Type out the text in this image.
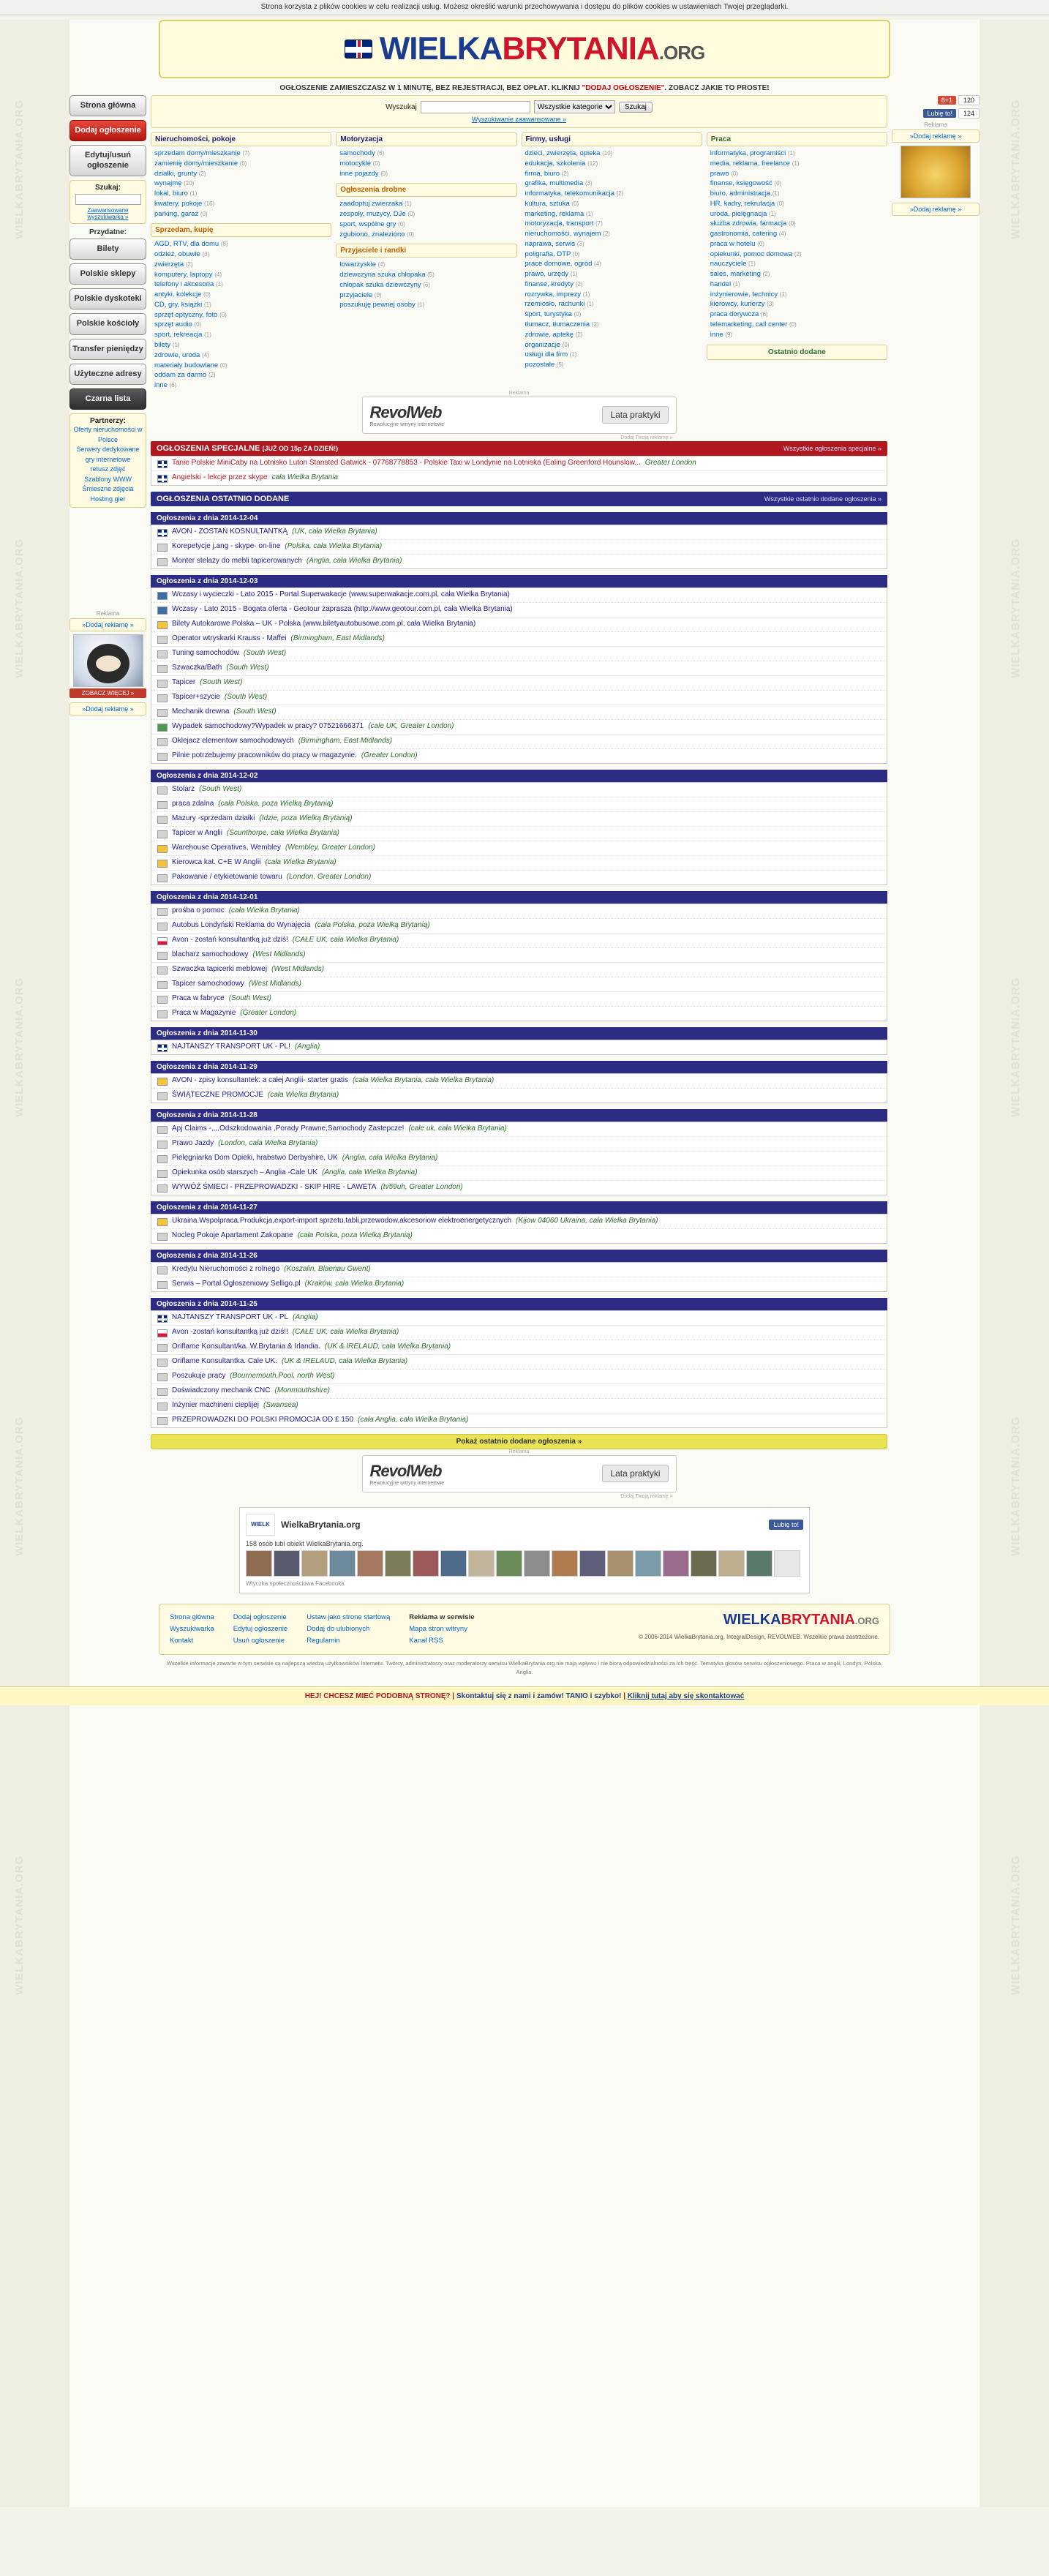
Strona korzysta z plików cookies w celu realizacji usług. Możesz określić warunki przechowywania i dostępu do plików cookies w ustawieniach Twojej przeglądarki.
WIELKABRYTANIA.ORG
WIELKABRYTANIA.ORG
WIELKABRYTANIA.ORG
WIELKABRYTANIA.ORG
WIELKABRYTANIA.ORG
WIELKABRYTANIA.ORG
WIELKABRYTANIA.ORG
WIELKABRYTANIA.ORG
WIELKABRYTANIA.ORG
WIELKABRYTANIA.ORG
WIELKABRYTANIA.ORG
OGŁOSZENIE ZAMIESZCZASZ W 1 MINUTĘ, BEZ REJESTRACJI, BEZ OPŁAT. KLIKNIJ "DODAJ OGŁOSZENIE". ZOBACZ JAKIE TO PROSTE!
Strona główna
Dodaj ogłoszenie
Edytuj/usuń ogłoszenie
Szukaj:
Zaawansowane wyszukiwarka »
Przydatne:
Bilety
Polskie sklepy
Polskie dyskoteki
Polskie kościoły
Transfer pieniędzy
Użyteczne adresy
Czarna lista
Partnerzy:
Oferty nieruchomości w Polsce
Serwery dedykowane
gry internetowe
retusz zdjęć
Szablony WWW
Śmieszne zdjęcia
Hosting gier
Reklama
»Dodaj reklamę »
ZOBACZ WIĘCEJ »
»Dodaj reklamę »
Wyszukaj
Wszystkie kategorie	Szukaj
Wyszukiwanie zaawansowane »
Nieruchomości, pokoje
sprzedam domy/mieszkanie (7)
zamienię domy/mieszkanie (0)
działki, grunty (2)
wynajmę (20)
lokal, biuro (1)
kwatery, pokoje (16)
parking, garaż (0)
Sprzedam, kupię
AGD, RTV, dla domu (8)
odzież, obuwie (3)
zwierzęta (2)
komputery, laptopy (4)
telefony i akcesoria (1)
antyki, kolekcje (0)
CD, gry, książki (1)
sprzęt optyczny, foto (0)
sprzęt audio (0)
sport, rekreacja (1)
bilety (1)
zdrowie, uroda (4)
materiały budowlane (0)
oddam za darmo (2)
inne (6)
Motoryzacja
samochody (6)
motocykle (0)
inne pojazdy (0)
Ogłoszenia drobne
zaadoptuj zwierzaka (1)
zespoły, muzycy, DJe (0)
sport, wspólne gry (0)
zgubiono, znaleziono (0)
Przyjaciele i randki
towarzyskie (4)
dziewczyna szuka chłopaka (5)
chłopak szuka dziewczyny (6)
przyjaciele (0)
poszukuję pewnej osoby (1)
Firmy, usługi
dzieci, zwierzęta, opieka (10)
edukacja, szkolenia (12)
firma, biuro (2)
grafika, multimedia (3)
informatyka, telekomunikacja (2)
kultura, sztuka (0)
marketing, reklama (1)
motoryzacja, transport (7)
nieruchomości, wynajem (2)
naprawa, serwis (3)
poligrafia, DTP (0)
prace domowe, ogród (4)
prawo, urzędy (1)
finanse, kredyty (2)
rozrywka, imprezy (1)
rzemiosło, rachunki (1)
sport, turystyka (0)
tłumacz, tłumaczenia (2)
zdrowie, aptekę (2)
organizacje (0)
usługi dla firm (1)
pozostałe (5)
Praca
informatyka, programiści (1)
media, reklama, freelance (1)
prawo (0)
finanse, księgowość (0)
biuro, administracja (1)
HR, kadry, rekrutacja (0)
uroda, pielęgnacja (1)
służba zdrowia, farmacja (0)
gastronomia, catering (4)
praca w hotelu (0)
opiekunki, pomoc domowa (2)
nauczyciele (1)
sales, marketing (2)
handel (1)
inżynierowie, technicy (1)
kierowcy, kurierzy (3)
praca dorywcza (6)
telemarketing, call center (0)
inne (9)
Ostatnio dodane
Reklama
RevolWeb
Rewolucyjne witryny internetowe
Lata praktyki
Dodaj Twoją reklamę »
OGŁOSZENIA SPECJALNE (JUŻ OD 15p ZA DZIEŃ!)	Wszystkie ogłoszenia specjalne »
Tanie Polskie MiniCaby na Lotnisko Luton Stansted Gatwick - 07768778853 - Polskie Taxi w Londynie na Lotniska (Ealing Greenford Hounslow... Greater London
Angielski - lekcje przez skype cała Wielka Brytania
OGŁOSZENIA OSTATNIO DODANE	Wszystkie ostatnio dodane ogłoszenia »
Ogłoszenia z dnia 2014-12-04
AVON - ZOSTAŃ KOSNULTANTKĄ (UK, cała Wielka Brytania)
Korepetycje j.ang - skype- on-line (Polska, cała Wielka Brytania)
Monter stelazy do mebli tapicerowanych (Anglia, cała Wielka Brytania)
Ogłoszenia z dnia 2014-12-03
Wczasy i wycieczki - Lato 2015 - Portal Superwakacje (www.superwakacje.com.pl, cała Wielka Brytania)
Wczasy - Lato 2015 - Bogata oferta - Geotour zaprasza (http://www.geotour.com.pl, cała Wielka Brytania)
Bilety Autokarowe Polska – UK - Polska (www.biletyautobusowe.com.pl, cała Wielka Brytania)
Operator wtryskarki Krauss - Maffei (Birmingham, East Midlands)
Tuning samochodów (South West)
Szwaczka/Bath (South West)
Tapicer (South West)
Tapicer+szycie (South West)
Mechanik drewna (South West)
Wypadek samochodowy?Wypadek w pracy? 07521666371 (cale UK, Greater London)
Oklejacz elementow samochodowych (Birmingham, East Midlands)
Pilnie potrzebujemy pracowników do pracy w magazynie. (Greater London)
Ogłoszenia z dnia 2014-12-02
Stolarz (South West)
praca zdalna (cała Polska, poza Wielką Brytanią)
Mazury -sprzedam działki (Idzie, poza Wielką Brytanią)
Tapicer w Anglii (Scunthorpe, cała Wielka Brytania)
Warehouse Operatives, Wembley (Wembley, Greater London)
Kierowca kat. C+E W Anglii (cała Wielka Brytania)
Pakowanie / etykietowanie towaru (London, Greater London)
Ogłoszenia z dnia 2014-12-01
prośba o pomoc (cała Wielka Brytania)
Autobus Londyński Reklama do Wynajęcia (cała Polska, poza Wielką Brytanią)
Avon - zostań konsultantką już dziś! (CAŁE UK, cała Wielka Brytania)
blacharz samochodowy (West Midlands)
Szwaczka tapicerki meblowej (West Midlands)
Tapicer samochodowy (West Midlands)
Praca w fabryce (South West)
Praca w Magazynie (Greater London)
Ogłoszenia z dnia 2014-11-30
NAJTANSZY TRANSPORT UK - PL! (Anglia)
Ogłoszenia z dnia 2014-11-29
AVON - zpisy konsultantek: a całej Anglii- starter gratis (cała Wielka Brytania, cała Wielka Brytania)
ŚWIĄTECZNE PROMOCJE (cała Wielka Brytania)
Ogłoszenia z dnia 2014-11-28
Apj Claims -,,,,Odszkodowania ,Porady Prawne,Samochody Zastepcze! (cale uk, cała Wielka Brytania)
Prawo Jazdy (London, cała Wielka Brytania)
Pielęgniarka Dom Opieki, hrabstwo Derbyshire, UK (Anglia, cała Wielka Brytania)
Opiekunka osób starszych – Anglia -Cale UK (Anglia, cała Wielka Brytania)
WYWÓŹ ŚMIECI - PRZEPROWADZKI - SKIP HIRE - LAWETA (tv59uh, Greater London)
Ogłoszenia z dnia 2014-11-27
Ukraina.Wspolpraca.Produkcja,export-import sprzetu,tabli,przewodow,akcesoriow elektroenergetycznych (Kijow 04060 Ukraina, cała Wielka Brytania)
Nocleg Pokoje Apartament Zakopane (cała Polska, poza Wielką Brytanią)
Ogłoszenia z dnia 2014-11-26
Kredytu Nieruchomości z rolnego (Koszalin, Blaenau Gwent)
Serwis – Portal Ogłoszeniowy Selligo.pl (Kraków, cała Wielka Brytania)
Ogłoszenia z dnia 2014-11-25
NAJTANSZY TRANSPORT UK - PL (Anglia)
Avon -zostań konsultantką już dziś!! (CAŁE UK, cała Wielka Brytania)
Oriflame Konsultant/ka. W.Brytania & Irlandia. (UK & IRELAUD, cała Wielka Brytania)
Oriflame Konsultantka. Cale UK. (UK & IRELAUD, cała Wielka Brytania)
Poszukuje pracy (Bournemouth,Pool, north West)
Doświadczony mechanik CNC (Monmouthshire)
Inżynier machineni cieplijej (Swansea)
PRZEPROWADZKI DO POLSKI PROMOCJA OD £ 150 (cała Anglia, cała Wielka Brytania)
Pokaż ostatnio dodane ogłoszenia »
Reklama
RevolWeb
Rewolucyjne witryny internetowe
Lata praktyki
Dodaj Twoją reklamę »
8+1	120
Lubię to!	124
Reklama
»Dodaj reklamę »
»Dodaj reklamę »
WIELK WielkaBrytania.org	Lubię to!
158 osób lubi obiekt WielkaBrytania.org.
Wtyczka społecznościowa Facebooka
Strona główna
Wyszukiwarka
Kontakt
Dodaj ogłoszenie
Edytuj ogłoszenie
Usuń ogłoszenie
Ustaw jako strone startową
Dodaj do ulubionych
Regulamin
Reklama w serwisie
Mapa stron witryny
Kanał RSS
WIELKABRYTANIA.ORG
© 2006-2014 WielkaBrytania.org, IntegralDesign, REVOLWEB. Wszelkie prawa zastrzeżone.
Wszelkie informacje zawarte w tym serwisie są najlepszą wiedzą użytkowników Internetu. Twórcy, administratorzy oraz moderatorzy serwisu WielkaBrytania.org nie mają wpływu i nie biorą odpowiedzialności za ich treść. Tematyka głosów serwisu ogłoszeniowego. Praca w anglii, Londyn, Polska, Anglia.
HEJ! CHCESZ MIEĆ PODOBNĄ STRONĘ? | Skontaktuj się z nami i zamów! TANIO i szybko! | Kliknij tutaj aby się skontaktować
